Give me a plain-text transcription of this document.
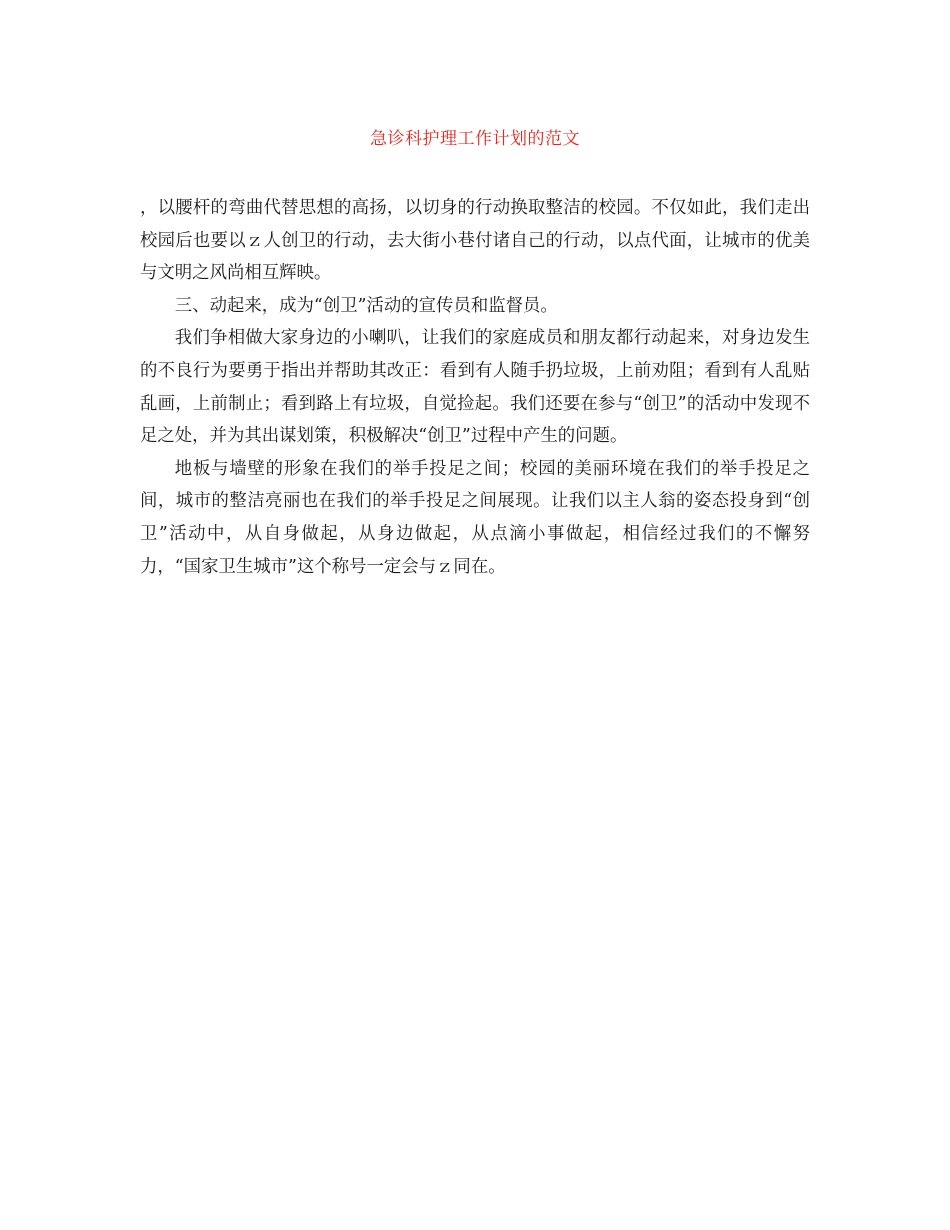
急诊科护理工作计划的范文

，以腰杆的弯曲代替思想的高扬，以切身的行动换取整洁的校园。不仅如此，我们走出校园后也要以ｚ人创卫的行动，去大街小巷付诸自己的行动，以点代面，让城市的优美与文明之风尚相互辉映。

三、动起来，成为“创卫”活动的宣传员和监督员。

我们争相做大家身边的小喇叭，让我们的家庭成员和朋友都行动起来，对身边发生的不良行为要勇于指出并帮助其改正：看到有人随手扔垃圾，上前劝阻；看到有人乱贴乱画，上前制止；看到路上有垃圾，自觉捡起。我们还要在参与“创卫”的活动中发现不足之处，并为其出谋划策，积极解决“创卫”过程中产生的问题。

地板与墙壁的形象在我们的举手投足之间；校园的美丽环境在我们的举手投足之间，城市的整洁亮丽也在我们的举手投足之间展现。让我们以主人翁的姿态投身到“创卫”活动中，从自身做起，从身边做起，从点滴小事做起，相信经过我们的不懈努力，“国家卫生城市”这个称号一定会与ｚ同在。
